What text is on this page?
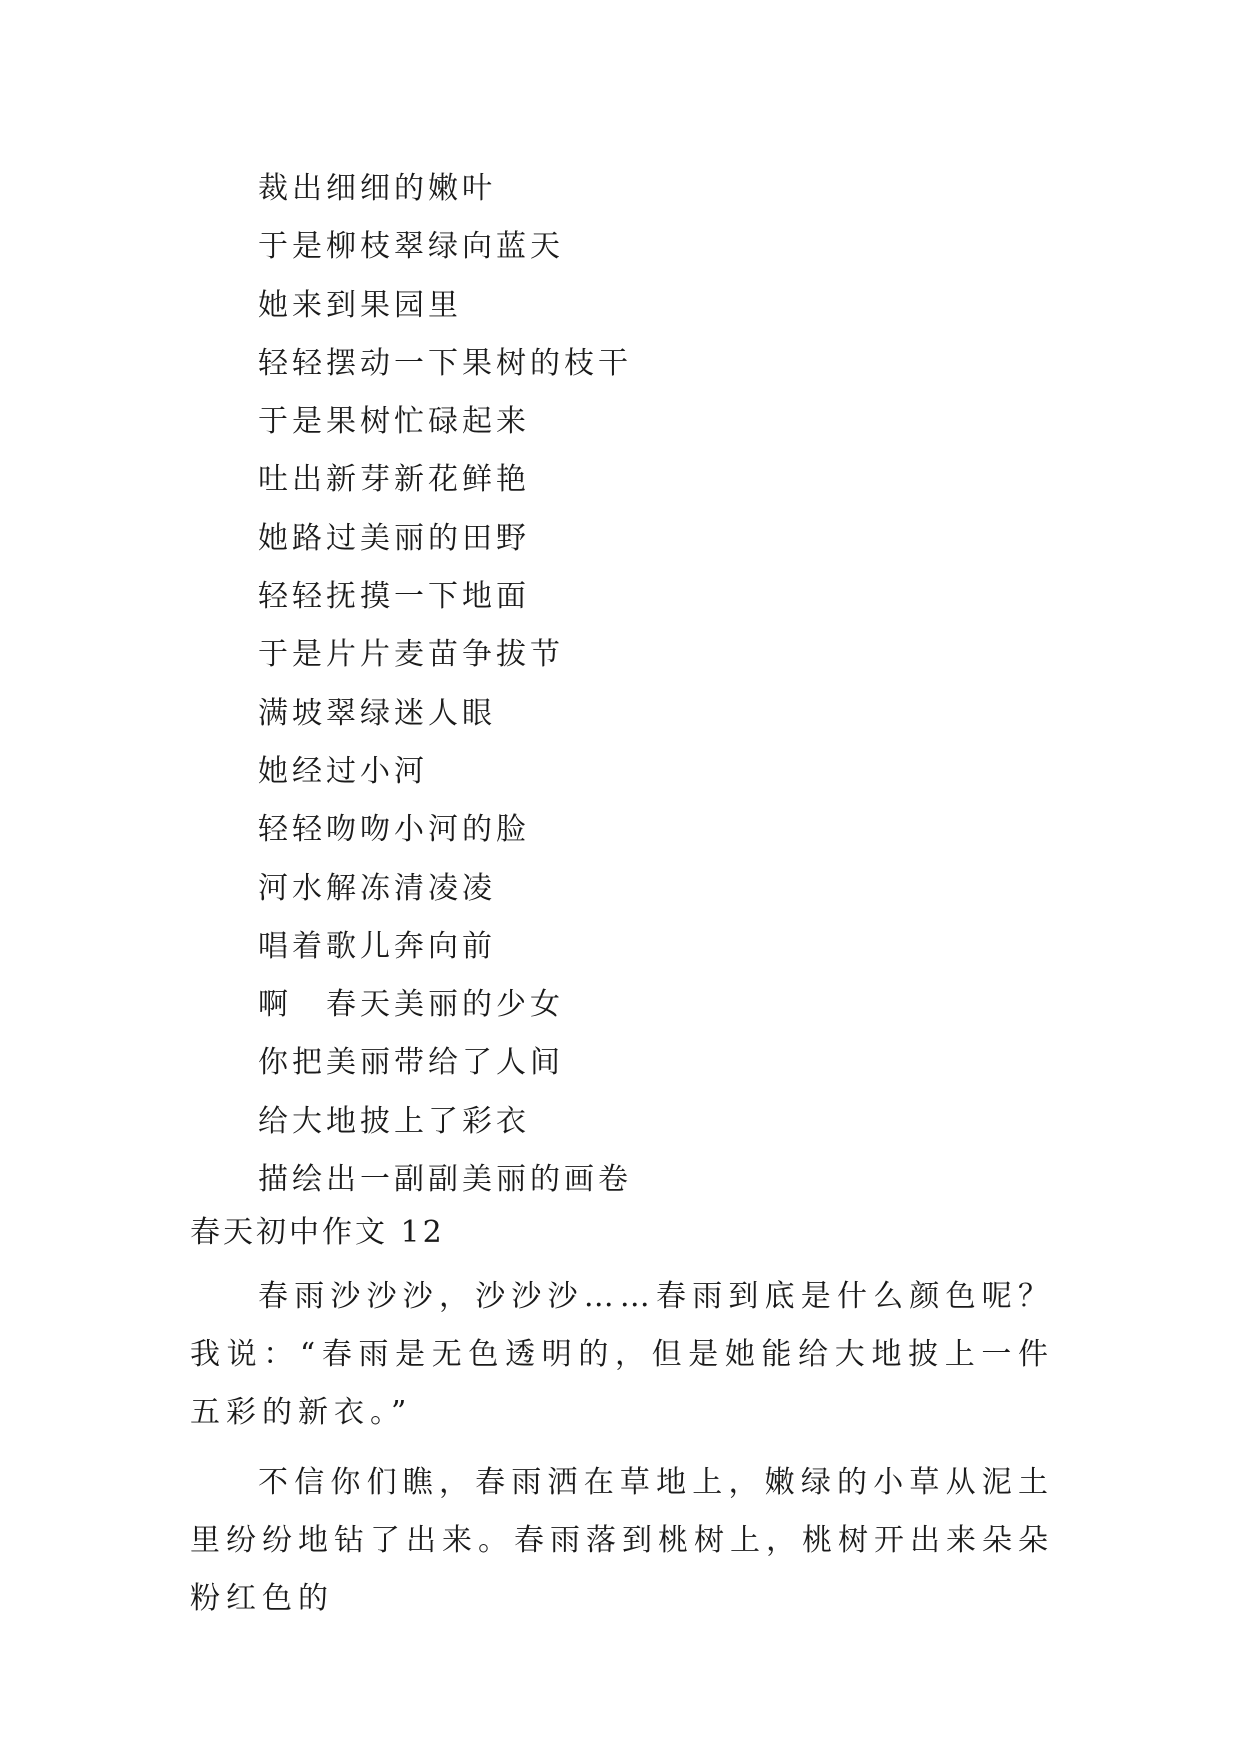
裁出细细的嫩叶
于是柳枝翠绿向蓝天
她来到果园里
轻轻摆动一下果树的枝干
于是果树忙碌起来
吐出新芽新花鲜艳
她路过美丽的田野
轻轻抚摸一下地面
于是片片麦苗争拔节
满坡翠绿迷人眼
她经过小河
轻轻吻吻小河的脸
河水解冻清凌凌
唱着歌儿奔向前
啊　春天美丽的少女
你把美丽带给了人间
给大地披上了彩衣
描绘出一副副美丽的画卷
春天初中作文 12

春雨沙沙沙，沙沙沙……春雨到底是什么颜色呢？我说：“春雨是无色透明的，但是她能给大地披上一件五彩的新衣。”

不信你们瞧，春雨洒在草地上，嫩绿的小草从泥土里纷纷地钻了出来。春雨落到桃树上，桃树开出来朵朵粉红色的
